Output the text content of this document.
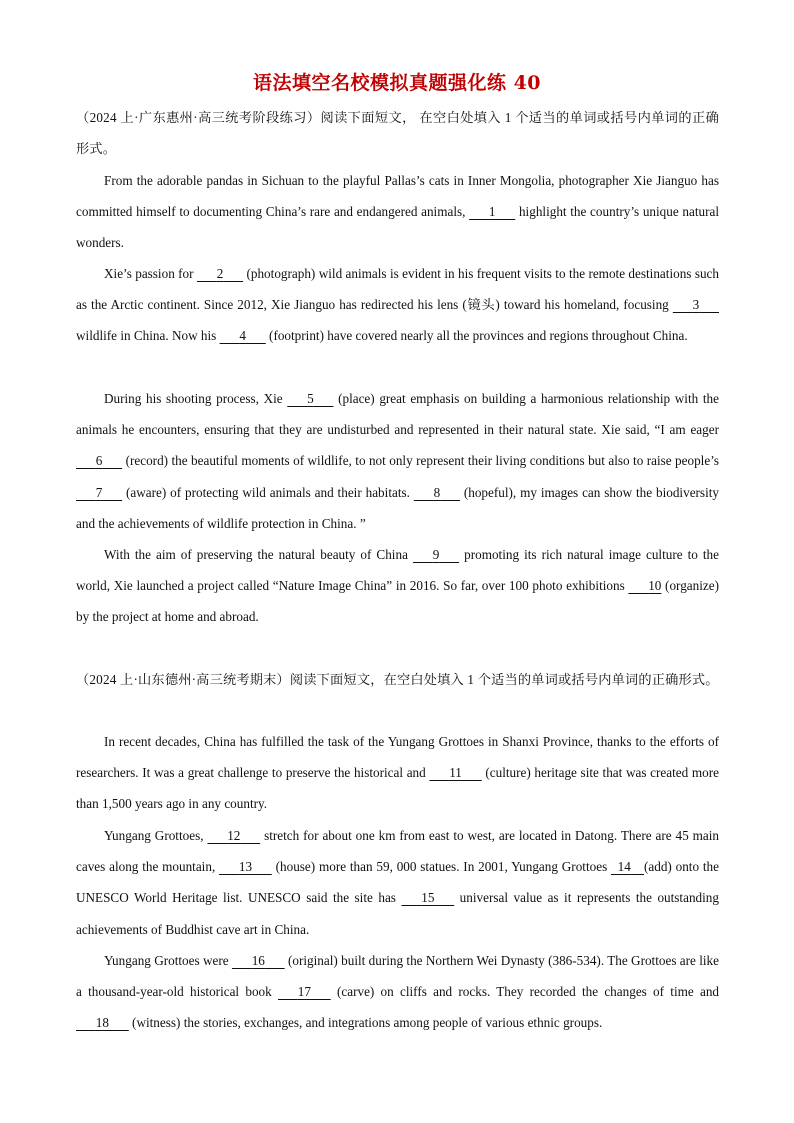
语法填空名校模拟真题强化练 40
（2024 上·广东惠州·高三统考阶段练习）阅读下面短文， 在空白处填入 1 个适当的单词或括号内单词的正确形式。
From the adorable pandas in Sichuan to the playful Pallas’s cats in Inner Mongolia, photographer Xie Jianguo has committed himself to documenting China’s rare and endangered animals,   1   highlight the country’s unique natural wonders.
Xie’s passion for   2   (photograph) wild animals is evident in his frequent visits to the remote destinations such as the Arctic continent. Since 2012, Xie Jianguo has redirected his lens (镜头) toward his homeland, focusing   3   wildlife in China. Now his   4   (footprint) have covered nearly all the provinces and regions throughout China.
During his shooting process, Xie   5   (place) great emphasis on building a harmonious relationship with the animals he encounters, ensuring that they are undisturbed and represented in their natural state. Xie said, “I am eager   6   (record) the beautiful moments of wildlife, to not only represent their living conditions but also to raise people’s   7   (aware) of protecting wild animals and their habitats.   8   (hopeful), my images can show the biodiversity and the achievements of wildlife protection in China. ”
With the aim of preserving the natural beauty of China   9   promoting its rich natural image culture to the world, Xie launched a project called “Nature Image China” in 2016. So far, over 100 photo exhibitions   10 (organize) by the project at home and abroad.
（2024 上·山东德州·高三统考期末）阅读下面短文，在空白处填入 1 个适当的单词或括号内单词的正确形式。
In recent decades, China has fulfilled the task of the Yungang Grottoes in Shanxi Province, thanks to the efforts of researchers. It was a great challenge to preserve the historical and   11   (culture) heritage site that was created more than 1,500 years ago in any country.
Yungang Grottoes,   12   stretch for about one km from east to west, are located in Datong. There are 45 main caves along the mountain,   13   (house) more than 59, 000 statues. In 2001, Yungang Grottoes  14   (add) onto the UNESCO World Heritage list. UNESCO said the site has   15   universal value as it represents the outstanding achievements of Buddhist cave art in China.
Yungang Grottoes were   16   (original) built during the Northern Wei Dynasty (386-534). The Grottoes are like a thousand-year-old historical book   17   (carve) on cliffs and rocks. They recorded the changes of time and   18   (witness) the stories, exchanges, and integrations among people of various ethnic groups.
